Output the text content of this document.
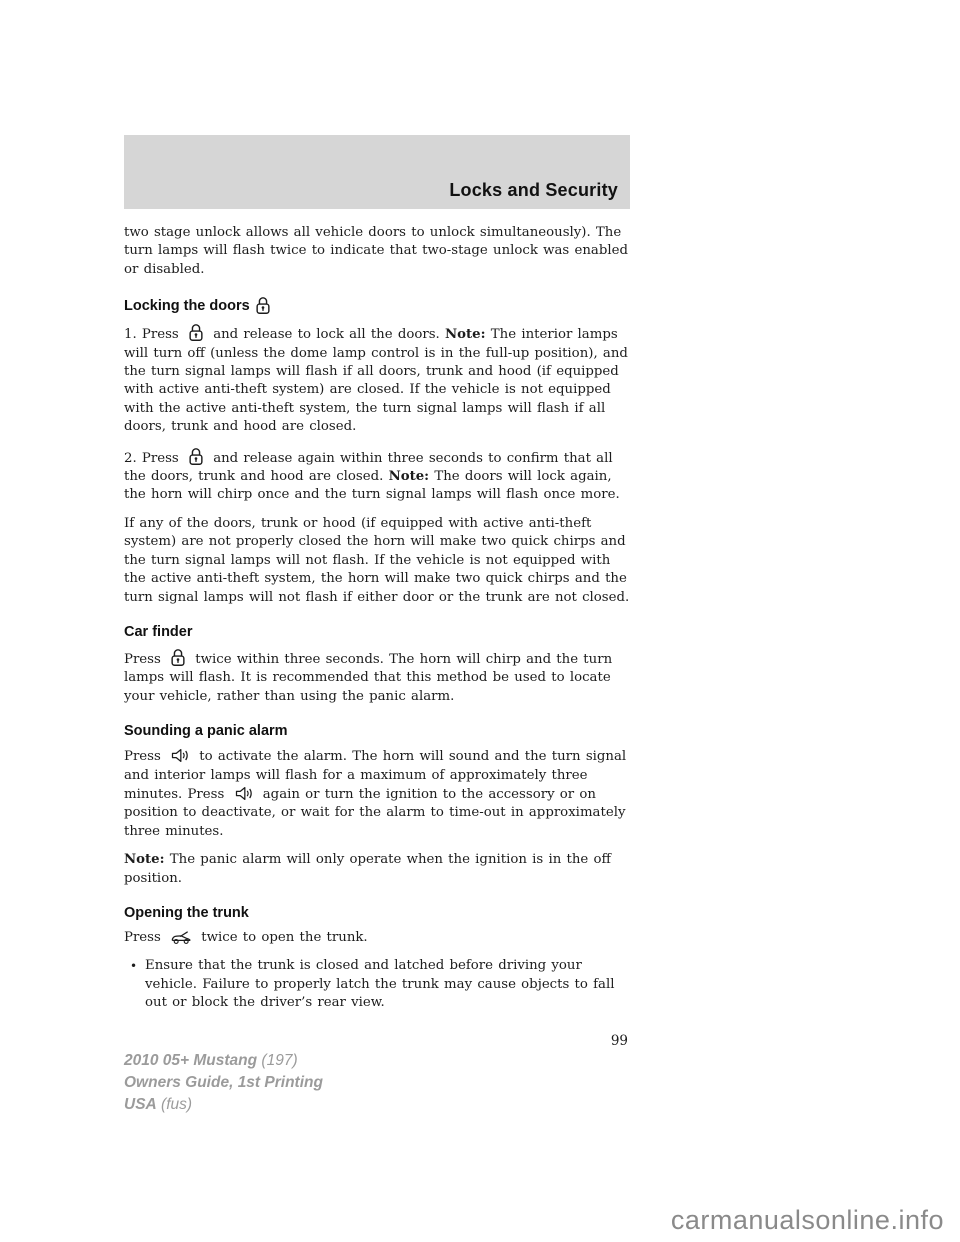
Locks and Security

two stage unlock allows all vehicle doors to unlock simultaneously). The turn lamps will flash twice to indicate that two-stage unlock was enabled or disabled.

Locking the doors

1. Press  and release to lock all the doors. Note: The interior lamps will turn off (unless the dome lamp control is in the full-up position), and the turn signal lamps will flash if all doors, trunk and hood (if equipped with active anti-theft system) are closed. If the vehicle is not equipped with the active anti-theft system, the turn signal lamps will flash if all doors, trunk and hood are closed.

2. Press  and release again within three seconds to confirm that all the doors, trunk and hood are closed. Note: The doors will lock again, the horn will chirp once and the turn signal lamps will flash once more.

If any of the doors, trunk or hood (if equipped with active anti-theft system) are not properly closed the horn will make two quick chirps and the turn signal lamps will not flash. If the vehicle is not equipped with the active anti-theft system, the horn will make two quick chirps and the turn signal lamps will not flash if either door or the trunk are not closed.

Car finder

Press  twice within three seconds. The horn will chirp and the turn lamps will flash. It is recommended that this method be used to locate your vehicle, rather than using the panic alarm.

Sounding a panic alarm

Press  to activate the alarm. The horn will sound and the turn signal and interior lamps will flash for a maximum of approximately three minutes. Press  again or turn the ignition to the accessory or on position to deactivate, or wait for the alarm to time-out in approximately three minutes.

Note: The panic alarm will only operate when the ignition is in the off position.

Opening the trunk

Press  twice to open the trunk.

• Ensure that the trunk is closed and latched before driving your vehicle. Failure to properly latch the trunk may cause objects to fall out or block the driver’s rear view.
99
2010 05+ Mustang (197)
Owners Guide, 1st Printing
USA (fus)
carmanualsonline.info
